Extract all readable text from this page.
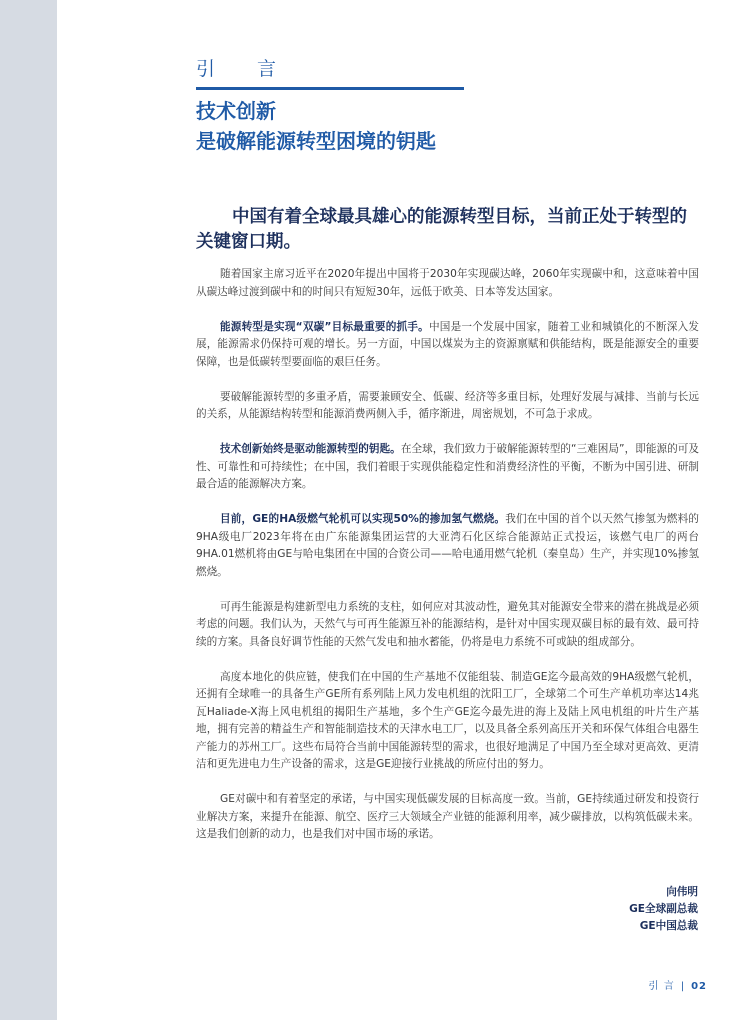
引 言
技术创新
是破解能源转型困境的钥匙
中国有着全球最具雄心的能源转型目标，当前正处于转型的关键窗口期。

随着国家主席习近平在2020年提出中国将于2030年实现碳达峰，2060年实现碳中和，这意味着中国从碳达峰过渡到碳中和的时间只有短短30年，远低于欧美、日本等发达国家。

能源转型是实现“双碳”目标最重要的抓手。中国是一个发展中国家，随着工业和城镇化的不断深入发展，能源需求仍保持可观的增长。另一方面，中国以煤炭为主的资源禀赋和供能结构，既是能源安全的重要保障，也是低碳转型要面临的艰巨任务。

要破解能源转型的多重矛盾，需要兼顾安全、低碳、经济等多重目标，处理好发展与减排、当前与长远的关系，从能源结构转型和能源消费两侧入手，循序渐进，周密规划，不可急于求成。

技术创新始终是驱动能源转型的钥匙。在全球，我们致力于破解能源转型的“三难困局”，即能源的可及性、可靠性和可持续性；在中国，我们着眼于实现供能稳定性和消费经济性的平衡，不断为中国引进、研制最合适的能源解决方案。

目前，GE的HA级燃气轮机可以实现50%的掺加氢气燃烧。我们在中国的首个以天然气掺氢为燃料的9HA级电厂2023年将在由广东能源集团运营的大亚湾石化区综合能源站正式投运，该燃气电厂的两台9HA.01燃机将由GE与哈电集团在中国的合资公司——哈电通用燃气轮机（秦皇岛）生产，并实现10%掺氢燃烧。

可再生能源是构建新型电力系统的支柱，如何应对其波动性，避免其对能源安全带来的潜在挑战是必须考虑的问题。我们认为，天然气与可再生能源互补的能源结构，是针对中国实现双碳目标的最有效、最可持续的方案。具备良好调节性能的天然气发电和抽水蓄能，仍将是电力系统不可或缺的组成部分。

高度本地化的供应链，使我们在中国的生产基地不仅能组装、制造GE迄今最高效的9HA级燃气轮机，还拥有全球唯一的具备生产GE所有系列陆上风力发电机组的沈阳工厂，全球第二个可生产单机功率达14兆瓦Haliade-X海上风电机组的揭阳生产基地，多个生产GE迄今最先进的海上及陆上风电机组的叶片生产基地，拥有完善的精益生产和智能制造技术的天津水电工厂，以及具备全系列高压开关和环保气体组合电器生产能力的苏州工厂。这些布局符合当前中国能源转型的需求，也很好地满足了中国乃至全球对更高效、更清洁和更先进电力生产设备的需求，这是GE迎接行业挑战的所应付出的努力。

GE对碳中和有着坚定的承诺，与中国实现低碳发展的目标高度一致。当前，GE持续通过研发和投资行业解决方案，来提升在能源、航空、医疗三大领域全产业链的能源利用率，减少碳排放，以构筑低碳未来。这是我们创新的动力，也是我们对中国市场的承诺。

向伟明
GE全球副总裁
GE中国总裁
引 言 | 02
